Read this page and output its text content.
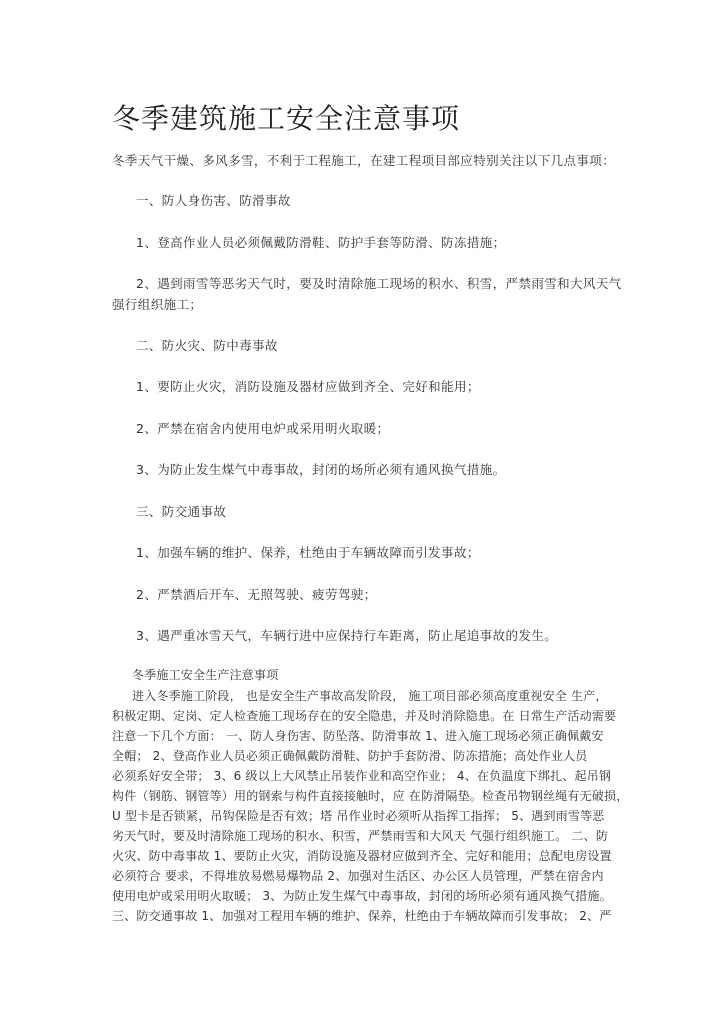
冬季建筑施工安全注意事项
冬季天气干燥、多风多雪，不利于工程施工，在建工程项目部应特别关注以下几点事项：
一、防人身伤害、防滑事故
1、登高作业人员必须佩戴防滑鞋、防护手套等防滑、防冻措施；
2、遇到雨雪等恶劣天气时，要及时清除施工现场的积水、积雪，严禁雨雪和大风天气
强行组织施工；
二、防火灾、防中毒事故
1、要防止火灾，消防设施及器材应做到齐全、完好和能用；
2、严禁在宿舍内使用电炉或采用明火取暖；
3、为防止发生煤气中毒事故，封闭的场所必须有通风换气措施。
三、防交通事故
1、加强车辆的维护、保养，杜绝由于车辆故障而引发事故；
2、严禁酒后开车、无照驾驶、疲劳驾驶；
3、遇严重冰雪天气，车辆行进中应保持行车距离，防止尾追事故的发生。
冬季施工安全生产注意事项
进入冬季施工阶段， 也是安全生产事故高发阶段， 施工项目部必须高度重视安全 生产，
积极定期、定岗、定人检查施工现场存在的安全隐患，并及时消除隐患。在 日常生产活动需要
注意一下几个方面： 一、防人身伤害、防坠落、防滑事故 1、进入施工现场必须正确佩戴安
全帽； 2、登高作业人员必须正确佩戴防滑鞋、防护手套防滑、防冻措施；高处作业人员
必须系好安全带； 3、6 级以上大风禁止吊装作业和高空作业； 4、在负温度下绑扎、起吊钢
构件（钢筋、钢管等）用的钢索与构件直接接触时，应 在防滑隔垫。检查吊物钢丝绳有无破损，
U 型卡是否锁紧，吊钩保险是否有效；塔 吊作业时必须听从指挥工指挥； 5、遇到雨雪等恶
劣天气时，要及时清除施工现场的积水、积雪，严禁雨雪和大风天 气强行组织施工。 二、防
火灾、防中毒事故 1、要防止火灾，消防设施及器材应做到齐全、完好和能用；总配电房设置
必须符合 要求，不得堆放易燃易爆物品 2、加强对生活区、办公区人员管理，严禁在宿舍内
使用电炉或采用明火取暖； 3、为防止发生煤气中毒事故，封闭的场所必须有通风换气措施。
三、防交通事故 1、加强对工程用车辆的维护、保养，杜绝由于车辆故障而引发事故； 2、严
